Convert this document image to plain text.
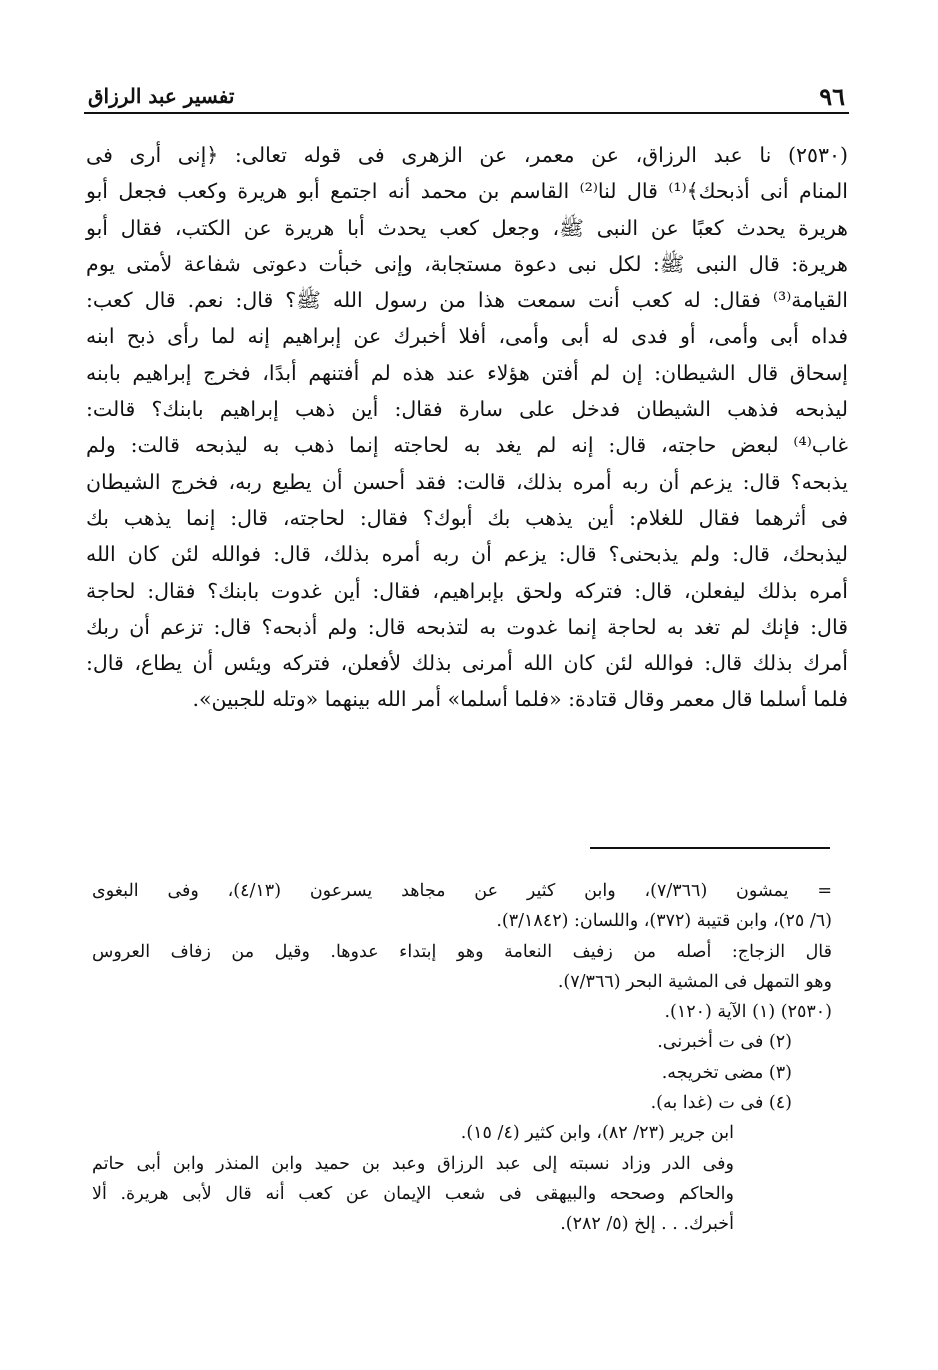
٩٦
تفسير عبد الرزاق

(٢٥٣٠) نا عبد الرزاق، عن معمر، عن الزهرى فى قوله تعالى: ﴿إنى أرى فى
المنام أنى أذبحك﴾⁽¹⁾ قال لنا⁽²⁾ القاسم بن محمد أنه اجتمع أبو هريرة وكعب فجعل أبو
هريرة يحدث كعبًا عن النبى ﷺ، وجعل كعب يحدث أبا هريرة عن الكتب، فقال أبو
هريرة: قال النبى ﷺ: لكل نبى دعوة مستجابة، وإنى خبأت دعوتى شفاعة لأمتى يوم
القيامة⁽³⁾ فقال: له كعب أنت سمعت هذا من رسول الله ﷺ؟ قال: نعم. قال كعب:
فداه أبى وأمى، أو فدى له أبى وأمى، أفلا أخبرك عن إبراهيم إنه لما رأى ذبح ابنه
إسحاق قال الشيطان: إن لم أفتن هؤلاء عند هذه لم أفتنهم أبدًا، فخرج إبراهيم بابنه
ليذبحه فذهب الشيطان فدخل على سارة فقال: أين ذهب إبراهيم بابنك؟ قالت:
غاب⁽⁴⁾ لبعض حاجته، قال: إنه لم يغد به لحاجته إنما ذهب به ليذبحه قالت: ولم
يذبحه؟ قال: يزعم أن ربه أمره بذلك، قالت: فقد أحسن أن يطيع ربه، فخرج الشيطان
فى أثرهما فقال للغلام: أين يذهب بك أبوك؟ فقال: لحاجته، قال: إنما يذهب بك
ليذبحك، قال: ولم يذبحنى؟ قال: يزعم أن ربه أمره بذلك، قال: فوالله لئن كان الله
أمره بذلك ليفعلن، قال: فتركه ولحق بإبراهيم، فقال: أين غدوت بابنك؟ فقال: لحاجة
قال: فإنك لم تغد به لحاجة إنما غدوت به لتذبحه قال: ولم أذبحه؟ قال: تزعم أن ربك
أمرك بذلك قال: فوالله لئن كان الله أمرنى بذلك لأفعلن، فتركه ويئس أن يطاع، قال:
فلما أسلما قال معمر وقال قتادة: «فلما أسلما» أمر الله بينهما «وتله للجبين».

= يمشون (٧/٣٦٦)، وابن كثير عن مجاهد يسرعون (٤/١٣)، وفى البغوى
(٦/ ٢٥)، وابن قتيبة (٣٧٢)، واللسان: (٣/١٨٤٢).
قال الزجاج: أصله من زفيف النعامة وهو إبتداء عدوها. وقيل من زفاف العروس
وهو التمهل فى المشية البحر (٧/٣٦٦).
(٢٥٣٠) (١) الآية (١٢٠).
(٢) فى ت أخبرنى.
(٣) مضى تخريجه.
(٤) فى ت (غدا به).
ابن جرير (٢٣/ ٨٢)، وابن كثير (٤/ ١٥).
وفى الدر وزاد نسبته إلى عبد الرزاق وعبد بن حميد وابن المنذر وابن أبى حاتم
والحاكم وصححه والبيهقى فى شعب الإيمان عن كعب أنه قال لأبى هريرة. ألا
أخبرك. . . إلخ (٥/ ٢٨٢).
